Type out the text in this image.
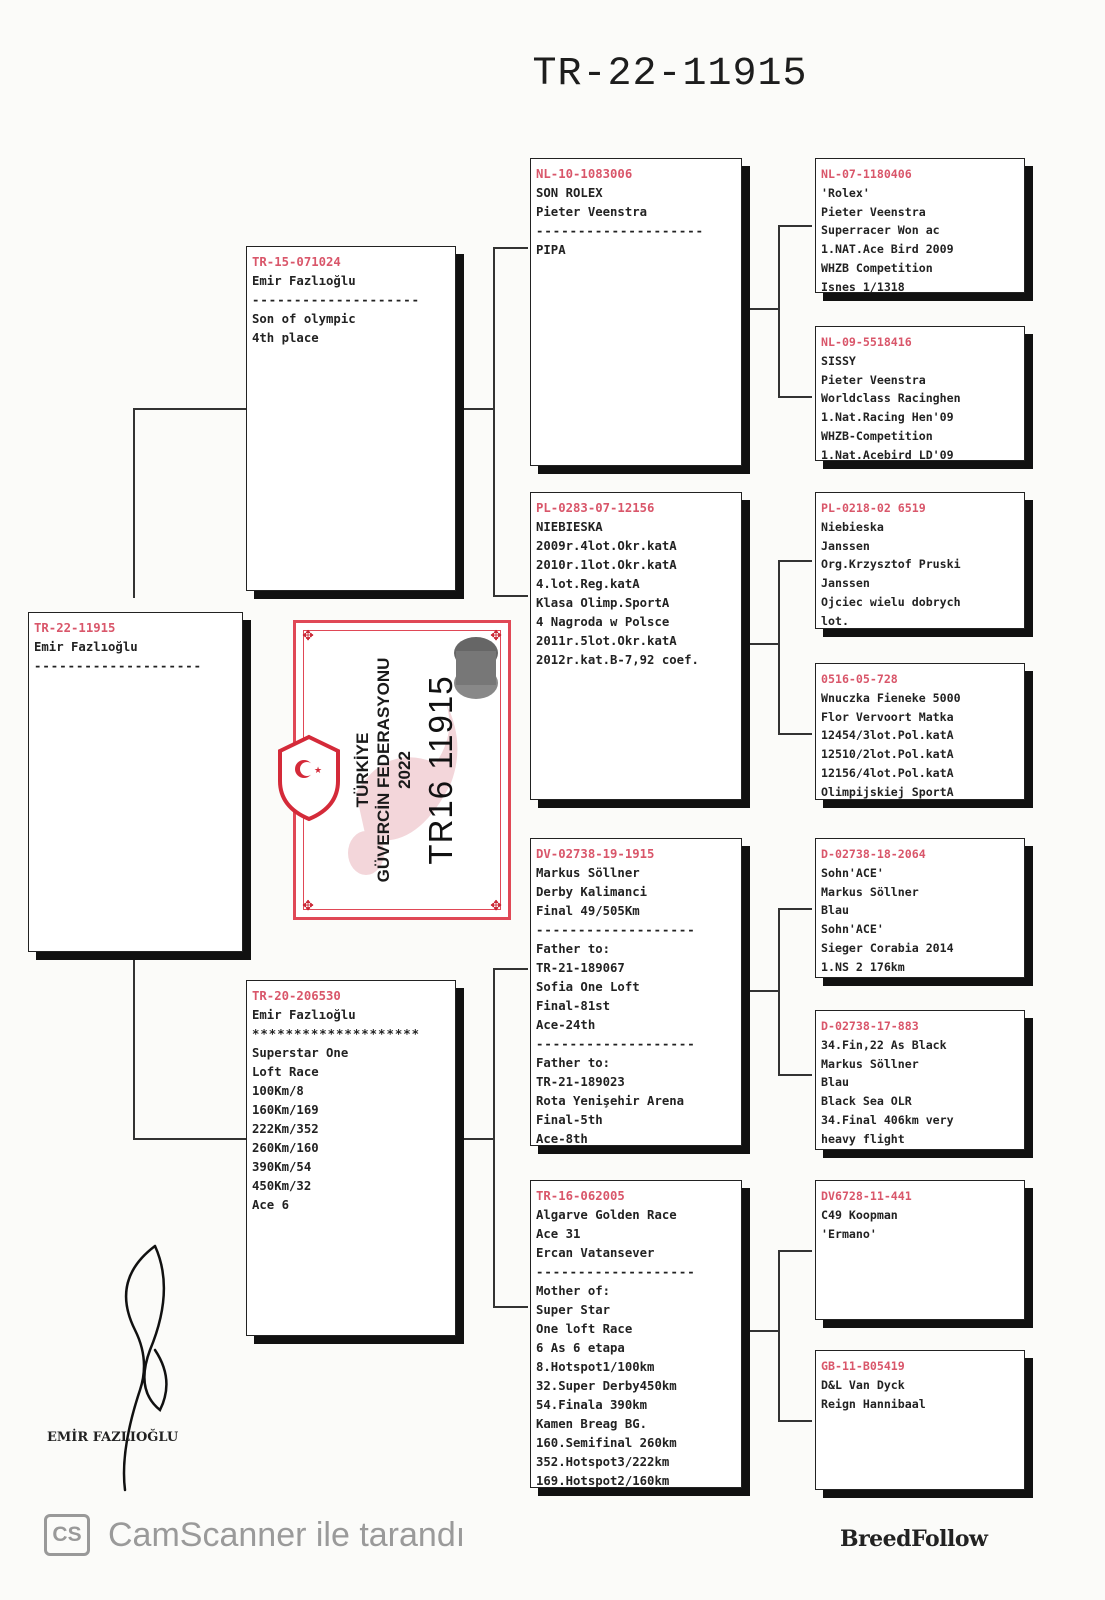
TR-22-11915
TR-22-11915
Emir Fazlıoğlu
--------------------
TR-15-071024
Emir Fazlıoğlu
--------------------
Son of olympic
4th place
TR-20-206530
Emir Fazlıoğlu
********************
Superstar One
Loft Race
100Km/8
160Km/169
222Km/352
260Km/160
390Km/54
450Km/32
Ace 6
NL-10-1083006
SON ROLEX
Pieter Veenstra
--------------------
PIPA
PL-0283-07-12156
NIEBIESKA
2009r.4lot.Okr.katA
2010r.1lot.Okr.katA
4.lot.Reg.katA
Klasa Olimp.SportA
4 Nagroda w Polsce
2011r.5lot.Okr.katA
2012r.kat.B-7,92 coef.
DV-02738-19-1915
Markus Söllner
Derby Kalimanci
Final 49/505Km
-------------------
Father to:
TR-21-189067
Sofia One Loft
Final-81st
Ace-24th
-------------------
Father to:
TR-21-189023
Rota Yenişehir Arena
Final-5th
Ace-8th
TR-16-062005
Algarve Golden Race
Ace 31
Ercan Vatansever
-------------------
Mother of:
Super Star
One loft Race
6 As 6 etapa
8.Hotspot1/100km
32.Super Derby450km
54.Finala 390km
Kamen Breag BG.
160.Semifinal 260km
352.Hotspot3/222km
169.Hotspot2/160km
NL-07-1180406
'Rolex'
Pieter Veenstra
Superracer Won ac
1.NAT.Ace Bird 2009
WHZB Competition
Isnes 1/1318
NL-09-5518416
SISSY
Pieter Veenstra
Worldclass Racinghen
1.Nat.Racing Hen'09
WHZB-Competition
1.Nat.Acebird LD'09
PL-0218-02 6519
Niebieska
Janssen
Org.Krzysztof Pruski
Janssen
Ojciec wielu dobrych
lot.
0516-05-728
Wnuczka Fieneke 5000
Flor Vervoort Matka
12454/3lot.Pol.katA
12510/2lot.Pol.katA
12156/4lot.Pol.katA
Olimpijskiej SportA
D-02738-18-2064
Sohn'ACE'
Markus Söllner
Blau
Sohn'ACE'
Sieger Corabia 2014
1.NS 2 176km
D-02738-17-883
34.Fin,22 As Black
Markus Söllner
Blau
Black Sea OLR
34.Final 406km very
heavy flight
DV6728-11-441
C49 Koopman
'Ermano'
GB-11-B05419
D&L Van Dyck
Reign Hannibaal
✥	✥
✥	✥
★ TÜRKİYE GÜVERCİN FEDERASYONU 2022 TR16 11915
EMİR FAZLIOĞLU
CS CamScanner ile tarandı	BreedFollow
